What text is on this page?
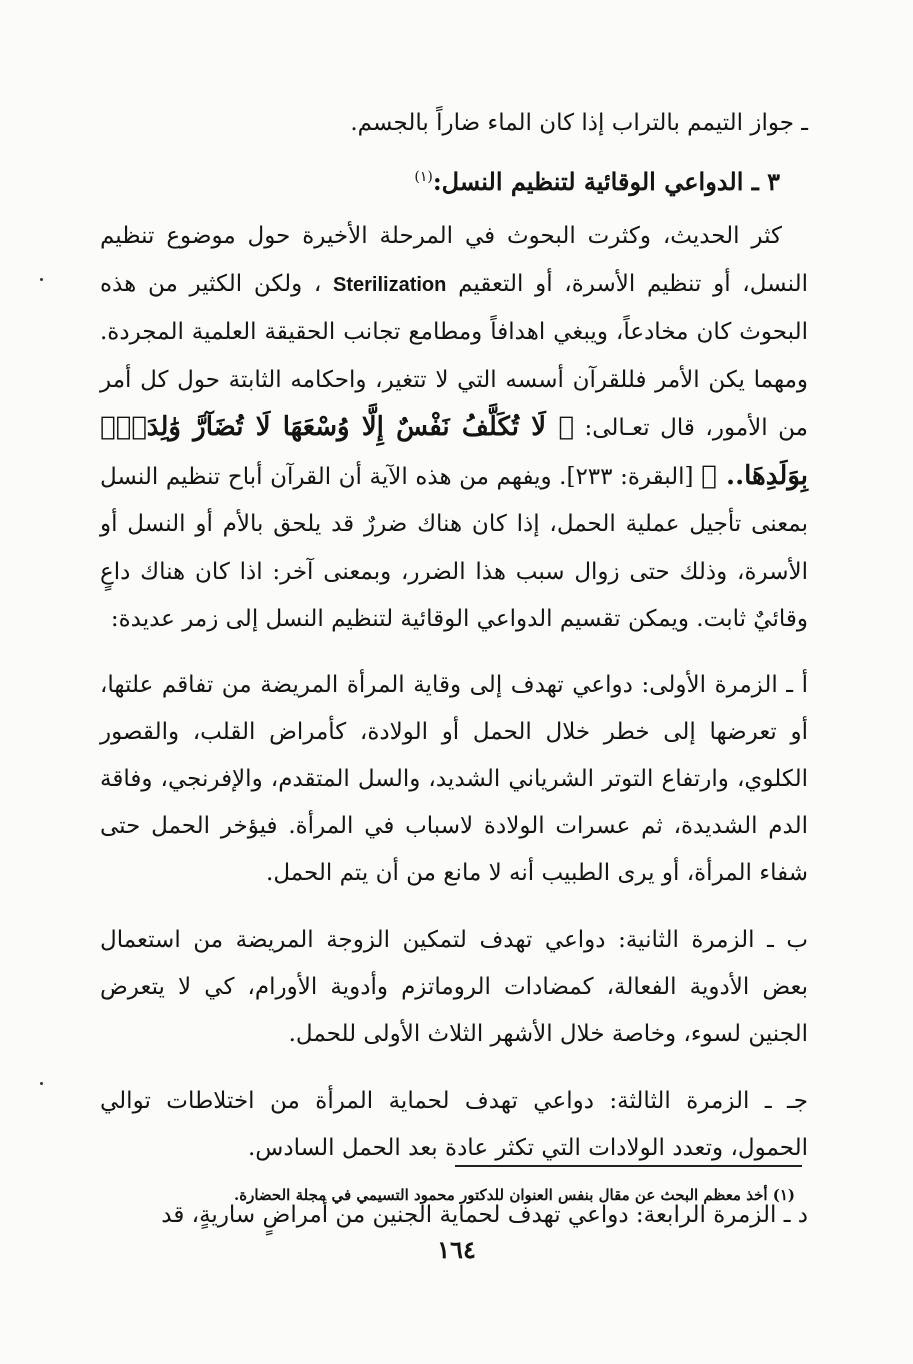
ـ جواز التيمم بالتراب إذا كان الماء ضاراً بالجسم.

٣ ـ الدواعي الوقائية لتنظيم النسل:$^{(١)}$

كثر الحديث، وكثرت البحوث في المرحلة الأخيرة حول موضوع تنظيم النسل، أو تنظيم الأسرة، أو التعقيم Sterilization ، ولكن الكثير من هذه البحوث كان مخادعاً، ويبغي اهدافاً ومطامع تجانب الحقيقة العلمية المجردة. ومهما يكن الأمر فللقرآن أسسه التي لا تتغير، واحكامه الثابتة حول كل أمر من الأمور، قال تعـالى: ﴿ لَا تُكَلَّفُ نَفْسٌ إِلَّا وُسْعَهَا لَا تُضَآرَّ وَٰلِدَةٌۢ بِوَلَدِهَا.. ﴾ [البقرة: ٢٣٣]. ويفهم من هذه الآية أن القرآن أباح تنظيم النسل بمعنى تأجيل عملية الحمل، إذا كان هناك ضررٌ قد يلحق بالأم أو النسل أو الأسرة، وذلك حتى زوال سبب هذا الضرر، وبمعنى آخر: اذا كان هناك داعٍ وقائيٌ ثابت. ويمكن تقسيم الدواعي الوقائية لتنظيم النسل إلى زمر عديدة:

أ ـ الزمرة الأولى: دواعي تهدف إلى وقاية المرأة المريضة من تفاقم علتها، أو تعرضها إلى خطر خلال الحمل أو الولادة، كأمراض القلب، والقصور الكلوي، وارتفاع التوتر الشرياني الشديد، والسل المتقدم، والإفرنجي، وفاقة الدم الشديدة، ثم عسرات الولادة لاسباب في المرأة. فيؤخر الحمل حتى شفاء المرأة، أو يرى الطبيب أنه لا مانع من أن يتم الحمل.

ب ـ الزمرة الثانية: دواعي تهدف لتمكين الزوجة المريضة من استعمال بعض الأدوية الفعالة، كمضادات الروماتزم وأدوية الأورام، كي لا يتعرض الجنين لسوء، وخاصة خلال الأشهر الثلاث الأولى للحمل.

جـ ـ الزمرة الثالثة: دواعي تهدف لحماية المرأة من اختلاطات توالي الحمول، وتعدد الولادات التي تكثر عادة بعد الحمل السادس.

د ـ الزمرة الرابعة: دواعي تهدف لحماية الجنين من أمراضٍ ساريةٍ، قد

(١) أخذ معظم البحث عن مقال بنفس العنوان للدكتور محمود التسيمي في مجلة الحضارة.
١٦٤
